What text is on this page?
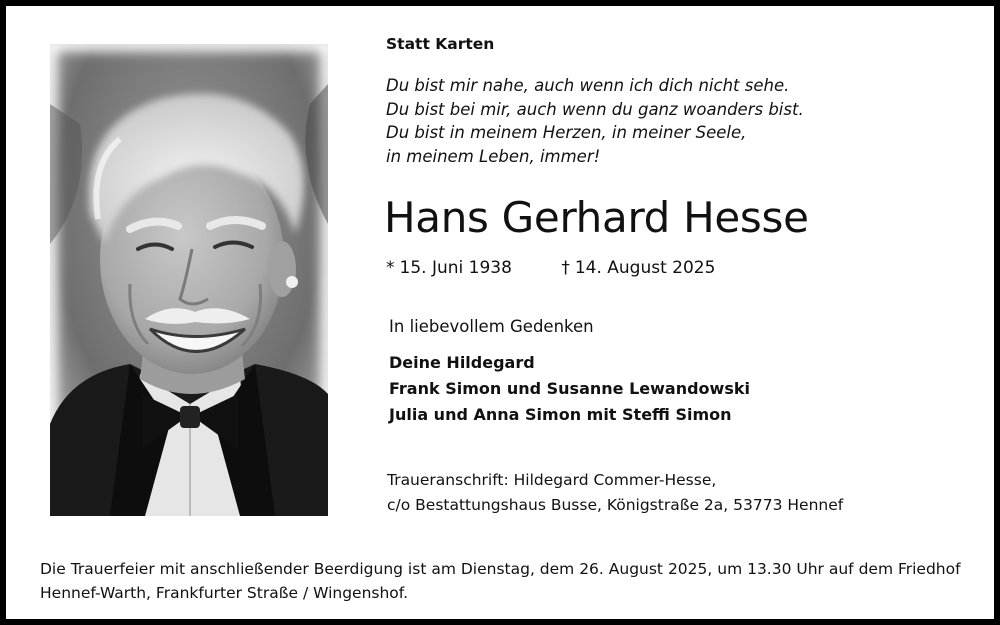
Statt Karten
Du bist mir nahe, auch wenn ich dich nicht sehe.
Du bist bei mir, auch wenn du ganz woanders bist.
Du bist in meinem Herzen, in meiner Seele,
in meinem Leben, immer!
Hans Gerhard Hesse
* 15. Juni 1938	† 14. August 2025
In liebevollem Gedenken
Deine Hildegard
Frank Simon und Susanne Lewandowski
Julia und Anna Simon mit Steffi Simon
Traueranschrift: Hildegard Commer-Hesse,
c/o Bestattungshaus Busse, Königstraße 2a, 53773 Hennef
Die Trauerfeier mit anschließender Beerdigung ist am Dienstag, dem 26. August 2025, um 13.30 Uhr auf dem Friedhof
Hennef-Warth, Frankfurter Straße / Wingenshof.
